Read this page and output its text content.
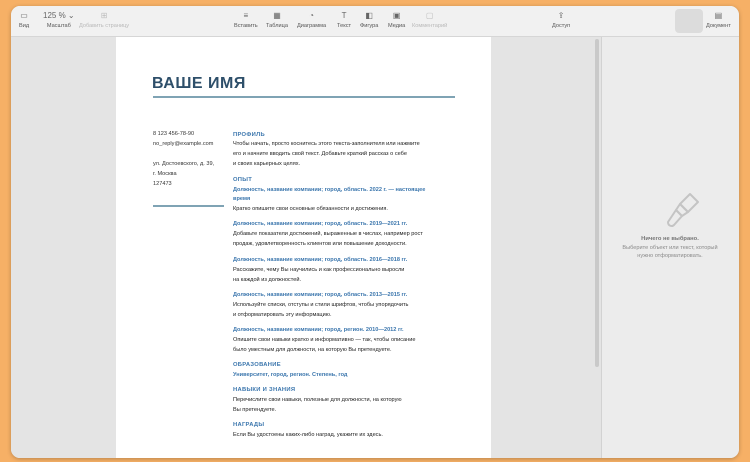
▭
Вид
125 %
⌄
Масштаб
⊞
Добавить страницу
≡
Вставить
▦
Таблица
◔
Диаграмма
T
Текст
◧
Фигура
▣
Медиа
▢
Комментарий
⇪
Доступ
▤
Документ
ВАШЕ ИМЯ
8 123 456-78-90
no_reply@example.com
ул. Достоевского, д. 39,
г. Москва
127473
ПРОФИЛЬ
Чтобы начать, просто коснитесь этого текста-заполнителя или нажмите
его и начните вводить свой текст. Добавьте краткий рассказ о себе
и своих карьерных целях.
ОПЫТ
Должность, название компании; город, область. 2022 г. — настоящее
время
Кратко опишите свои основные обязанности и достижения.
Должность, название компании; город, область. 2019—2021 гг.
Добавьте показатели достижений, выраженные в числах, например рост
продаж, удовлетворенность клиентов или повышение доходности.
Должность, название компании; город, область. 2016—2018 гг.
Расскажите, чему Вы научились и как профессионально выросли
на каждой из должностей.
Должность, название компании; город, область. 2013—2015 гг.
Используйте списки, отступы и стили шрифтов, чтобы упорядочить
и отформатировать эту информацию.
Должность, название компании; город, регион. 2010—2012 гг.
Опишите свои навыки кратко и информативно — так, чтобы описание
было уместным для должности, на которую Вы претендуете.
ОБРАЗОВАНИЕ
Университет, город, регион. Степень, год
НАВЫКИ И ЗНАНИЯ
Перечислите свои навыки, полезные для должности, на которую
Вы претендуете.
НАГРАДЫ
Если Вы удостоены каких-либо наград, укажите их здесь.
Ничего не выбрано.
Выберите объект или текст, который
нужно отформатировать.
